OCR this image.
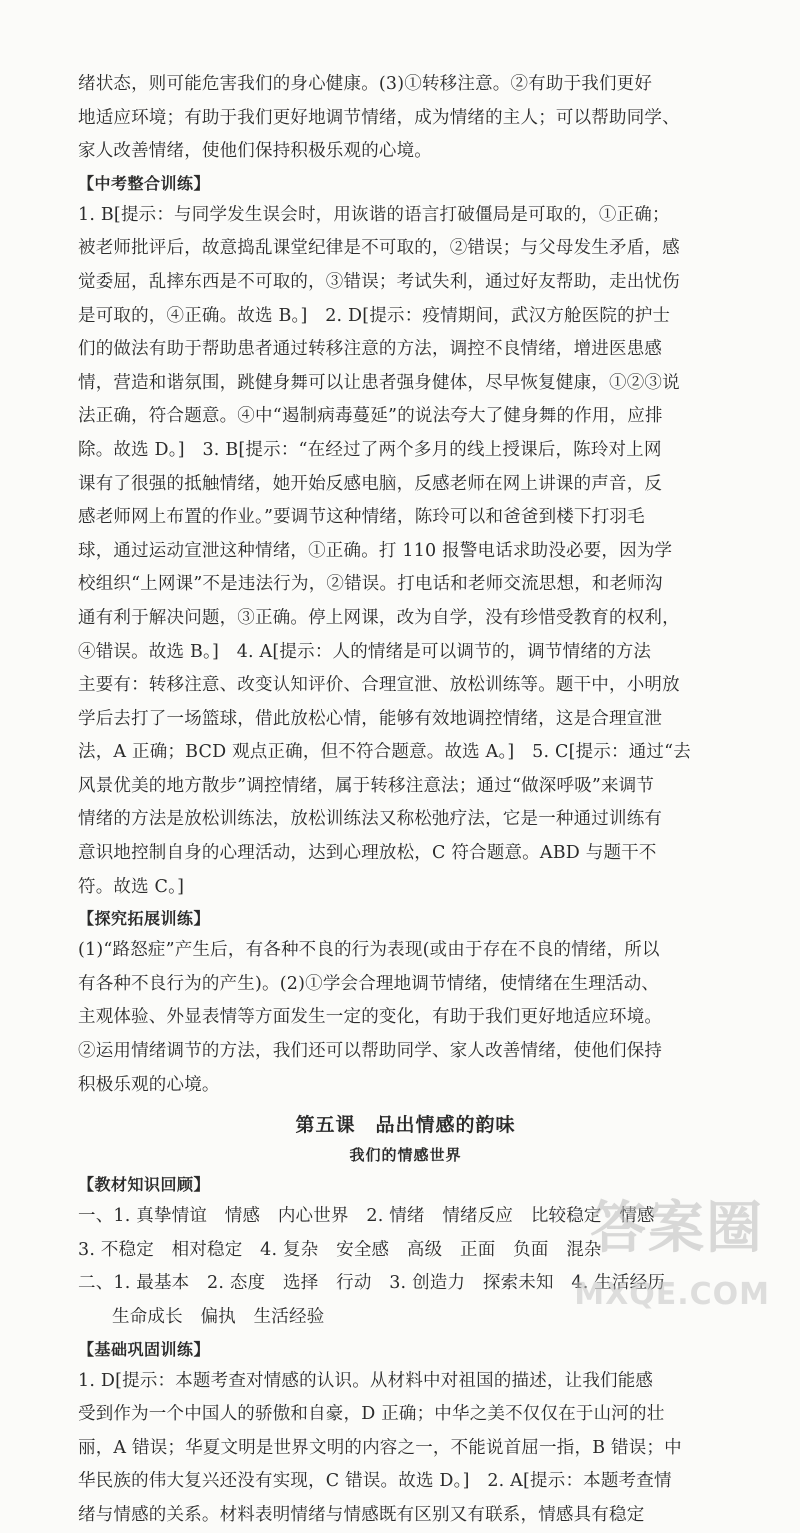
绪状态，则可能危害我们的身心健康。(3)①转移注意。②有助于我们更好

地适应环境；有助于我们更好地调节情绪，成为情绪的主人；可以帮助同学、

家人改善情绪，使他们保持积极乐观的心境。

【中考整合训练】

1. B[提示：与同学发生误会时，用诙谐的语言打破僵局是可取的，①正确；

被老师批评后，故意捣乱课堂纪律是不可取的，②错误；与父母发生矛盾，感

觉委屈，乱摔东西是不可取的，③错误；考试失利，通过好友帮助，走出忧伤

是可取的，④正确。故选 B。]　2. D[提示：疫情期间，武汉方舱医院的护士

们的做法有助于帮助患者通过转移注意的方法，调控不良情绪，增进医患感

情，营造和谐氛围，跳健身舞可以让患者强身健体，尽早恢复健康，①②③说

法正确，符合题意。④中“遏制病毒蔓延”的说法夸大了健身舞的作用，应排

除。故选 D。]　3. B[提示：“在经过了两个多月的线上授课后，陈玲对上网

课有了很强的抵触情绪，她开始反感电脑，反感老师在网上讲课的声音，反

感老师网上布置的作业。”要调节这种情绪，陈玲可以和爸爸到楼下打羽毛

球，通过运动宣泄这种情绪，①正确。打 110 报警电话求助没必要，因为学

校组织“上网课”不是违法行为，②错误。打电话和老师交流思想，和老师沟

通有利于解决问题，③正确。停上网课，改为自学，没有珍惜受教育的权利，

④错误。故选 B。]　4. A[提示：人的情绪是可以调节的，调节情绪的方法

主要有：转移注意、改变认知评价、合理宣泄、放松训练等。题干中，小明放

学后去打了一场篮球，借此放松心情，能够有效地调控情绪，这是合理宣泄

法，A 正确；BCD 观点正确，但不符合题意。故选 A。]　5. C[提示：通过“去

风景优美的地方散步”调控情绪，属于转移注意法；通过“做深呼吸”来调节

情绪的方法是放松训练法，放松训练法又称松弛疗法，它是一种通过训练有

意识地控制自身的心理活动，达到心理放松，C 符合题意。ABD 与题干不

符。故选 C。]

【探究拓展训练】

(1)“路怒症”产生后，有各种不良的行为表现(或由于存在不良的情绪，所以

有各种不良行为的产生)。(2)①学会合理地调节情绪，使情绪在生理活动、

主观体验、外显表情等方面发生一定的变化，有助于我们更好地适应环境。

②运用情绪调节的方法，我们还可以帮助同学、家人改善情绪，使他们保持

积极乐观的心境。

第五课　品出情感的韵味

我们的情感世界

【教材知识回顾】

一、1. 真挚情谊　情感　内心世界　2. 情绪　情绪反应　比较稳定　情感

3. 不稳定　相对稳定　4. 复杂　安全感　高级　正面　负面　混杂

二、1. 最基本　2. 态度　选择　行动　3. 创造力　探索未知　4. 生活经历

生命成长　偏执　生活经验

【基础巩固训练】

1. D[提示：本题考查对情感的认识。从材料中对祖国的描述，让我们能感

受到作为一个中国人的骄傲和自豪，D 正确；中华之美不仅仅在于山河的壮

丽，A 错误；华夏文明是世界文明的内容之一，不能说首屈一指，B 错误；中

华民族的伟大复兴还没有实现，C 错误。故选 D。]　2. A[提示：本题考查情

绪与情感的关系。材料表明情绪与情感既有区别又有联系，情感具有稳定

答案圈
MXQE.COM
